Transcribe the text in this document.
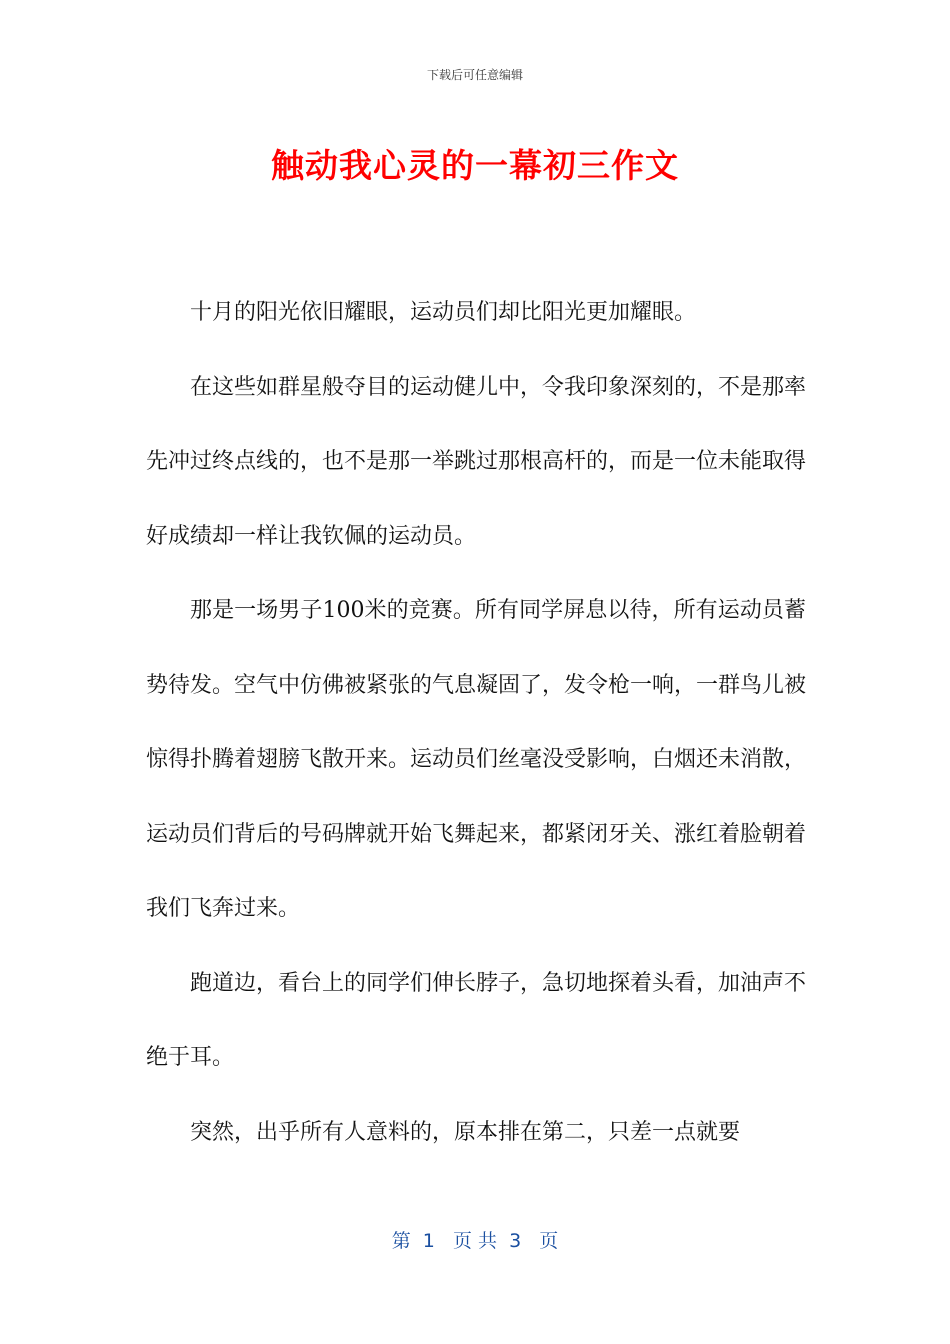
下载后可任意编辑
触动我心灵的一幕初三作文

十月的阳光依旧耀眼，运动员们却比阳光更加耀眼。

在这些如群星般夺目的运动健儿中，令我印象深刻的，不是那率先冲过终点线的，也不是那一举跳过那根高杆的，而是一位未能取得好成绩却一样让我钦佩的运动员。

那是一场男子100米的竞赛。所有同学屏息以待，所有运动员蓄势待发。空气中仿佛被紧张的气息凝固了，发令枪一响，一群鸟儿被惊得扑腾着翅膀飞散开来。运动员们丝毫没受影响，白烟还未消散，运动员们背后的号码牌就开始飞舞起来，都紧闭牙关、涨红着脸朝着我们飞奔过来。

跑道边，看台上的同学们伸长脖子，急切地探着头看，加油声不绝于耳。

突然，出乎所有人意料的，原本排在第二，只差一点就要

第  1   页 共  3   页
